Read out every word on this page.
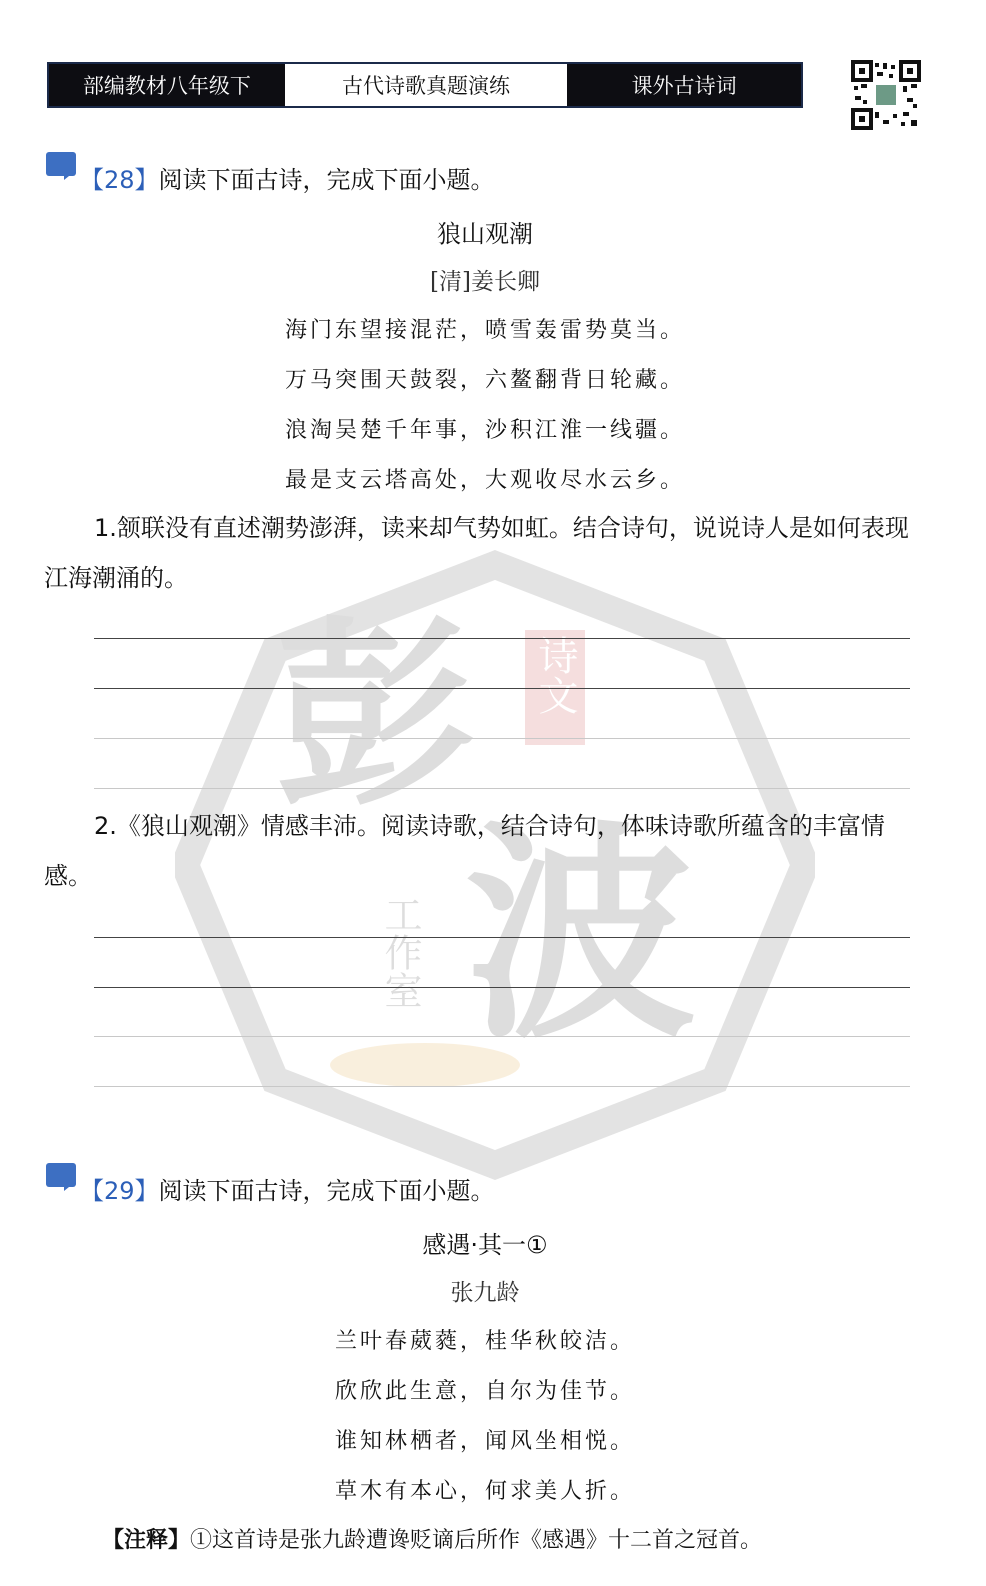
彭
波
诗文
工作室
部编教材八年级下	古代诗歌真题演练	课外古诗词
【28】阅读下面古诗，完成下面小题。
狼山观潮
[清]姜长卿
海门东望接混茫，喷雪轰雷势莫当。
万马突围天鼓裂，六鳌翻背日轮藏。
浪淘吴楚千年事，沙积江淮一线疆。
最是支云塔高处，大观收尽水云乡。
1.颔联没有直述潮势澎湃，读来却气势如虹。结合诗句，说说诗人是如何表现江海潮涌的。
2.《狼山观潮》情感丰沛。阅读诗歌，结合诗句，体味诗歌所蕴含的丰富情感。
【29】阅读下面古诗，完成下面小题。
感遇·其一①
张九龄
兰叶春葳蕤，桂华秋皎洁。
欣欣此生意，自尔为佳节。
谁知林栖者，闻风坐相悦。
草木有本心，何求美人折。
【注释】①这首诗是张九龄遭谗贬谪后所作《感遇》十二首之冠首。
